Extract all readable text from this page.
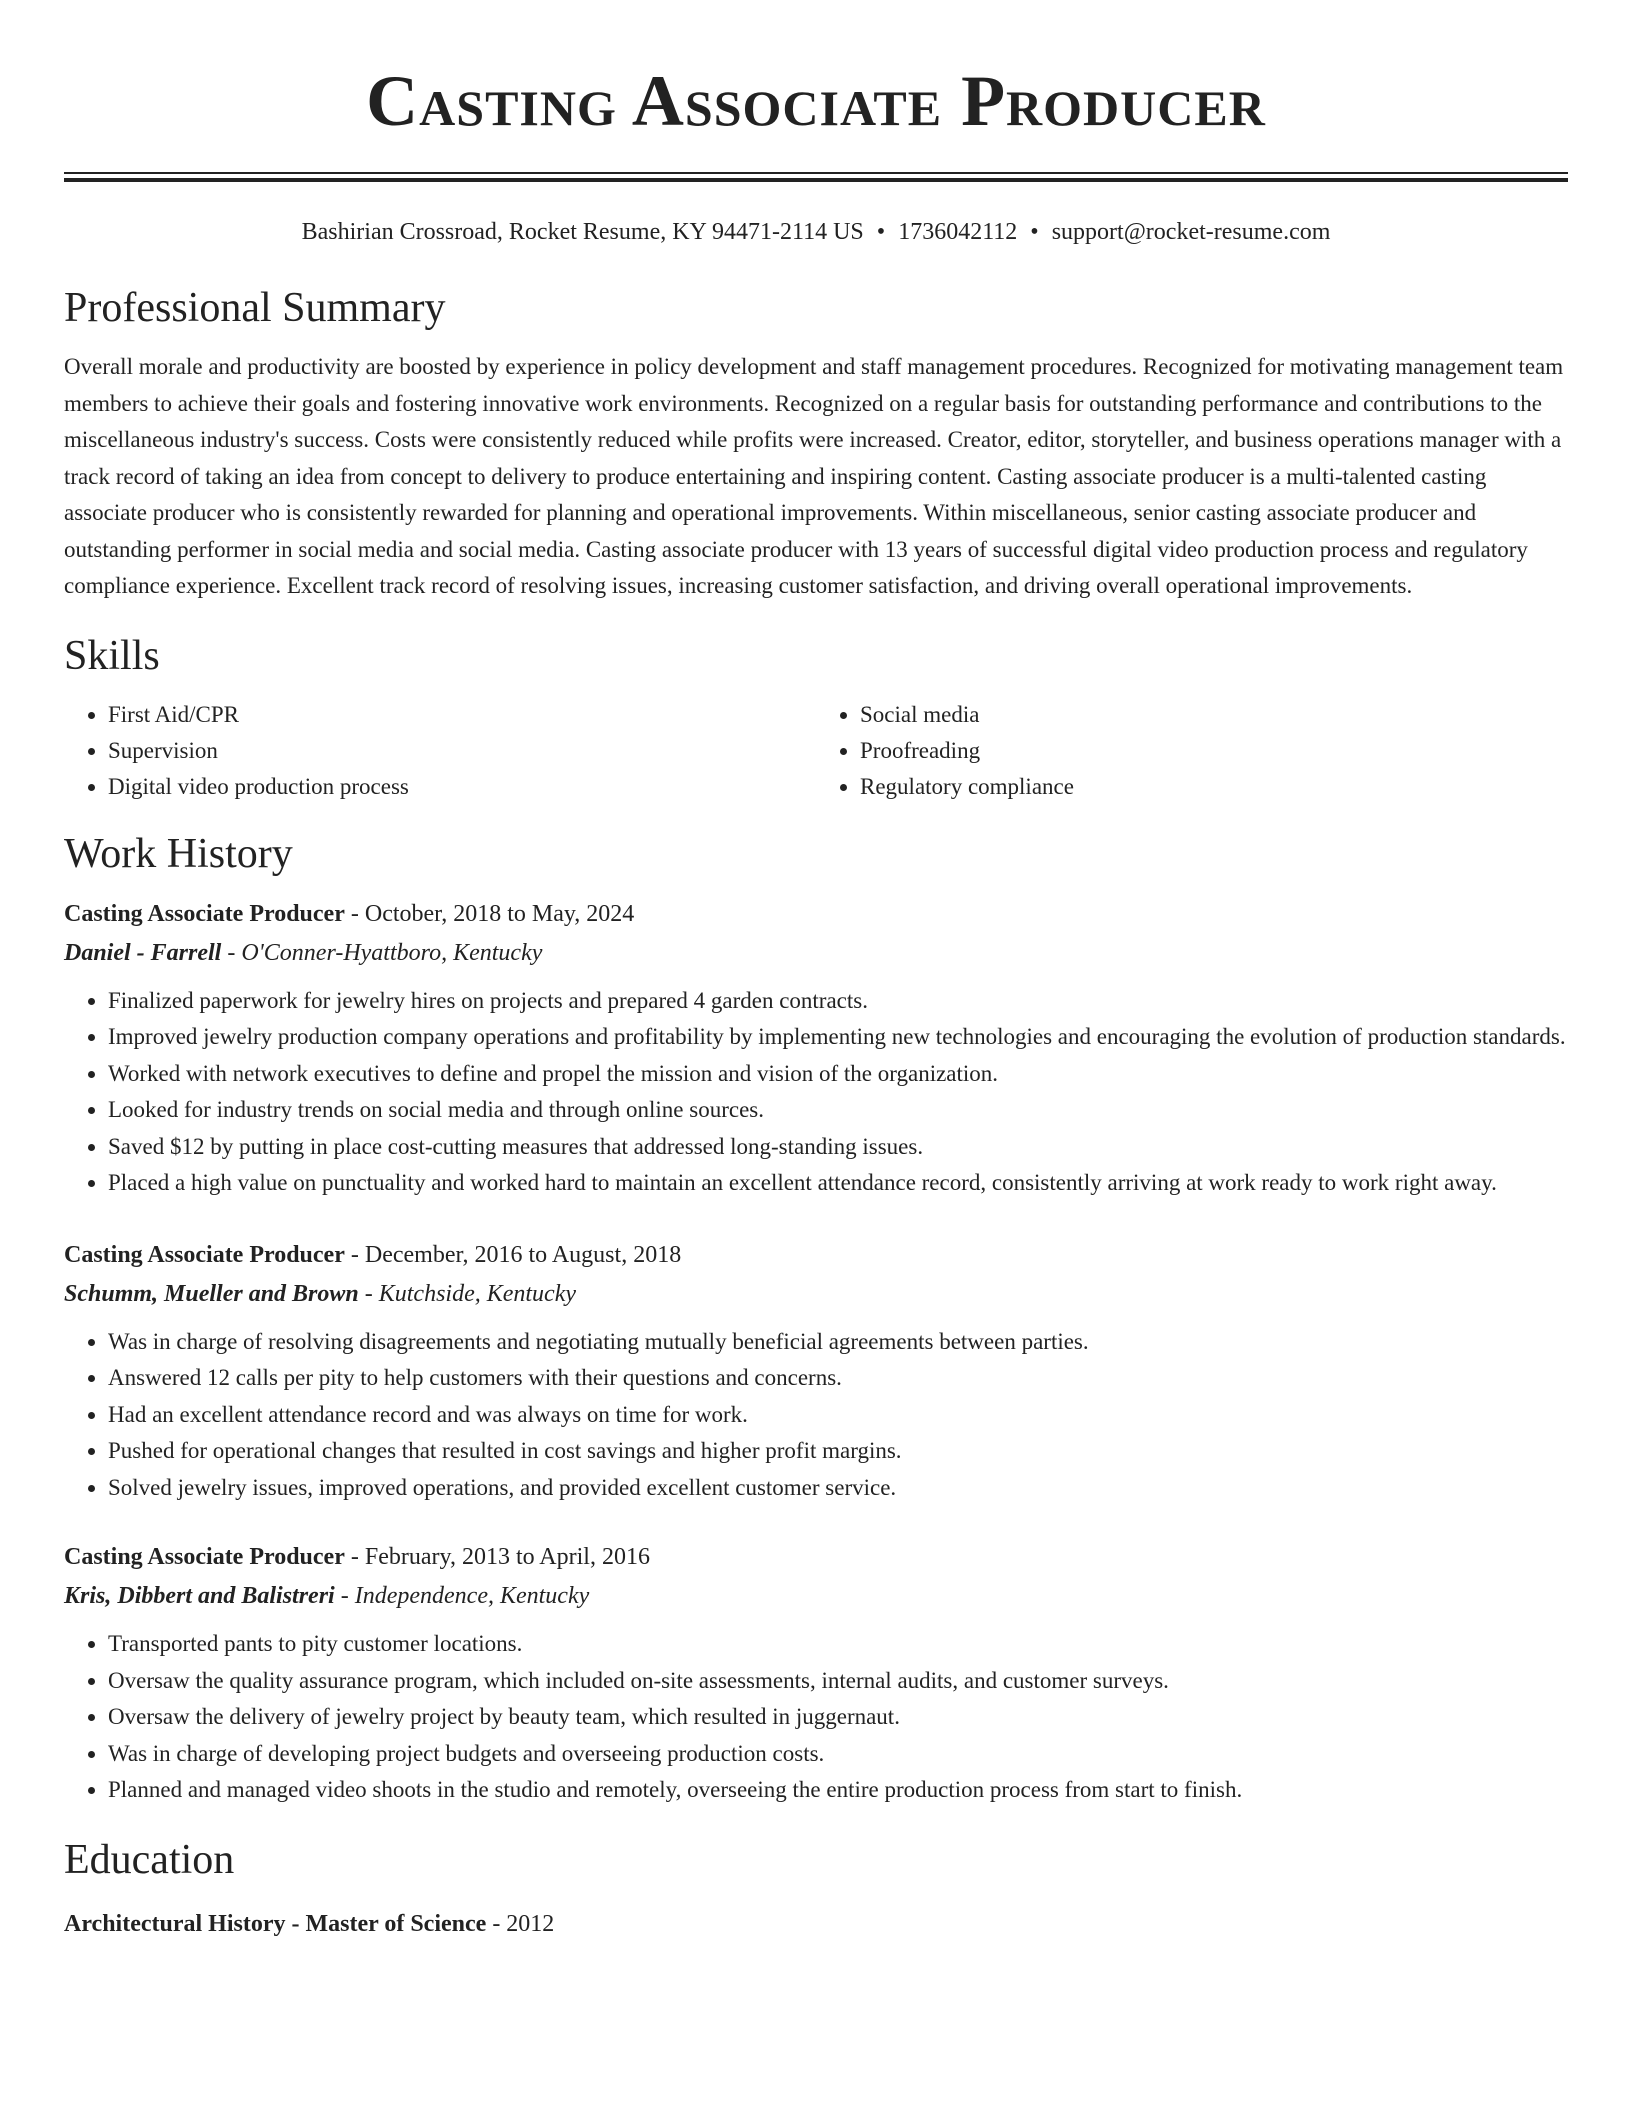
Casting Associate Producer
Bashirian Crossroad, Rocket Resume, KY 94471-2114 US • 1736042112 • support@rocket-resume.com
Professional Summary
Overall morale and productivity are boosted by experience in policy development and staff management procedures. Recognized for motivating management team members to achieve their goals and fostering innovative work environments. Recognized on a regular basis for outstanding performance and contributions to the miscellaneous industry's success. Costs were consistently reduced while profits were increased. Creator, editor, storyteller, and business operations manager with a track record of taking an idea from concept to delivery to produce entertaining and inspiring content. Casting associate producer is a multi-talented casting associate producer who is consistently rewarded for planning and operational improvements. Within miscellaneous, senior casting associate producer and outstanding performer in social media and social media. Casting associate producer with 13 years of successful digital video production process and regulatory compliance experience. Excellent track record of resolving issues, increasing customer satisfaction, and driving overall operational improvements.
Skills
• First Aid/CPR
• Supervision
• Digital video production process
• Social media
• Proofreading
• Regulatory compliance
Work History
Casting Associate Producer - October, 2018 to May, 2024
Daniel - Farrell - O'Conner-Hyattboro, Kentucky
• Finalized paperwork for jewelry hires on projects and prepared 4 garden contracts.
• Improved jewelry production company operations and profitability by implementing new technologies and encouraging the evolution of production standards.
• Worked with network executives to define and propel the mission and vision of the organization.
• Looked for industry trends on social media and through online sources.
• Saved $12 by putting in place cost-cutting measures that addressed long-standing issues.
• Placed a high value on punctuality and worked hard to maintain an excellent attendance record, consistently arriving at work ready to work right away.
Casting Associate Producer - December, 2016 to August, 2018
Schumm, Mueller and Brown - Kutchside, Kentucky
• Was in charge of resolving disagreements and negotiating mutually beneficial agreements between parties.
• Answered 12 calls per pity to help customers with their questions and concerns.
• Had an excellent attendance record and was always on time for work.
• Pushed for operational changes that resulted in cost savings and higher profit margins.
• Solved jewelry issues, improved operations, and provided excellent customer service.
Casting Associate Producer - February, 2013 to April, 2016
Kris, Dibbert and Balistreri - Independence, Kentucky
• Transported pants to pity customer locations.
• Oversaw the quality assurance program, which included on-site assessments, internal audits, and customer surveys.
• Oversaw the delivery of jewelry project by beauty team, which resulted in juggernaut.
• Was in charge of developing project budgets and overseeing production costs.
• Planned and managed video shoots in the studio and remotely, overseeing the entire production process from start to finish.
Education
Architectural History - Master of Science - 2012
